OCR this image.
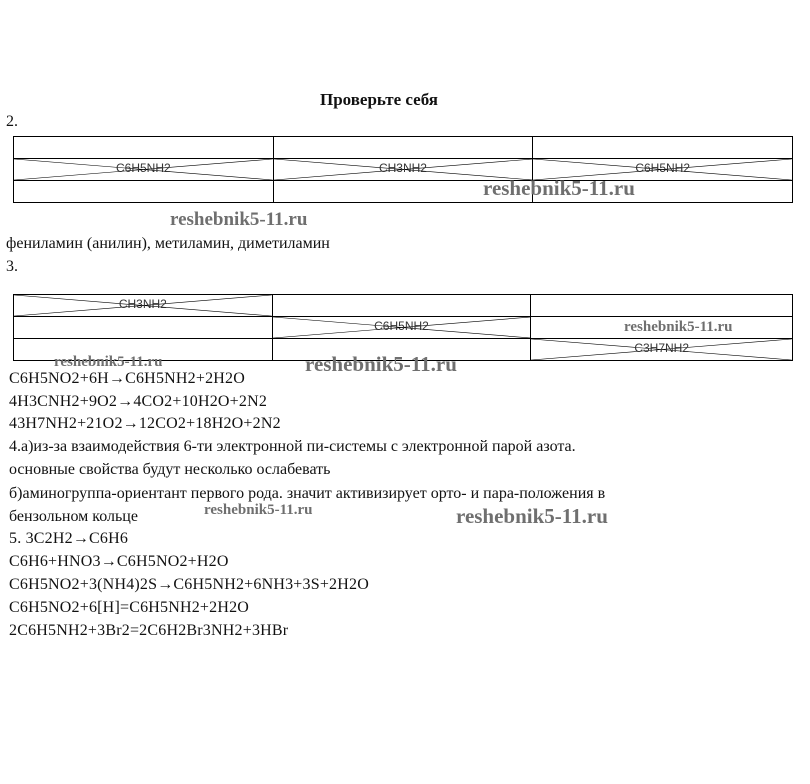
Проверьте себя
2.

C6H5NH2	CH3NH2	C6H5NH2

reshebnik5-11.ru
reshebnik5-11.ru
фениламин (анилин), метиламин, диметиламин
3.
CH3NH2		

	C6H5NH2	

		C3H7NH2
reshebnik5-11.ru
reshebnik5-11.ru	reshebnik5-11.ru
C6H5NO2+6H→C6H5NH2+2H2O
4H3CNH2+9O2→4CO2+10H2O+2N2
43H7NH2+21O2→12CO2+18H2O+2N2
4.а)из-за взаимодействия 6-ти электронной пи-системы с электронной парой азота.
основные свойства будут несколько ослабевать
б)аминогруппа-ориентант первого рода. значит активизирует орто- и пара-положения в
бензольном кольце	reshebnik5-11.ru	reshebnik5-11.ru
5. 3C2H2→C6H6
C6H6+HNO3→C6H5NO2+H2O
C6H5NO2+3(NH4)2S→C6H5NH2+6NH3+3S+2H2O
C6H5NO2+6[H]=C6H5NH2+2H2O
2C6H5NH2+3Br2=2C6H2Br3NH2+3HBr
